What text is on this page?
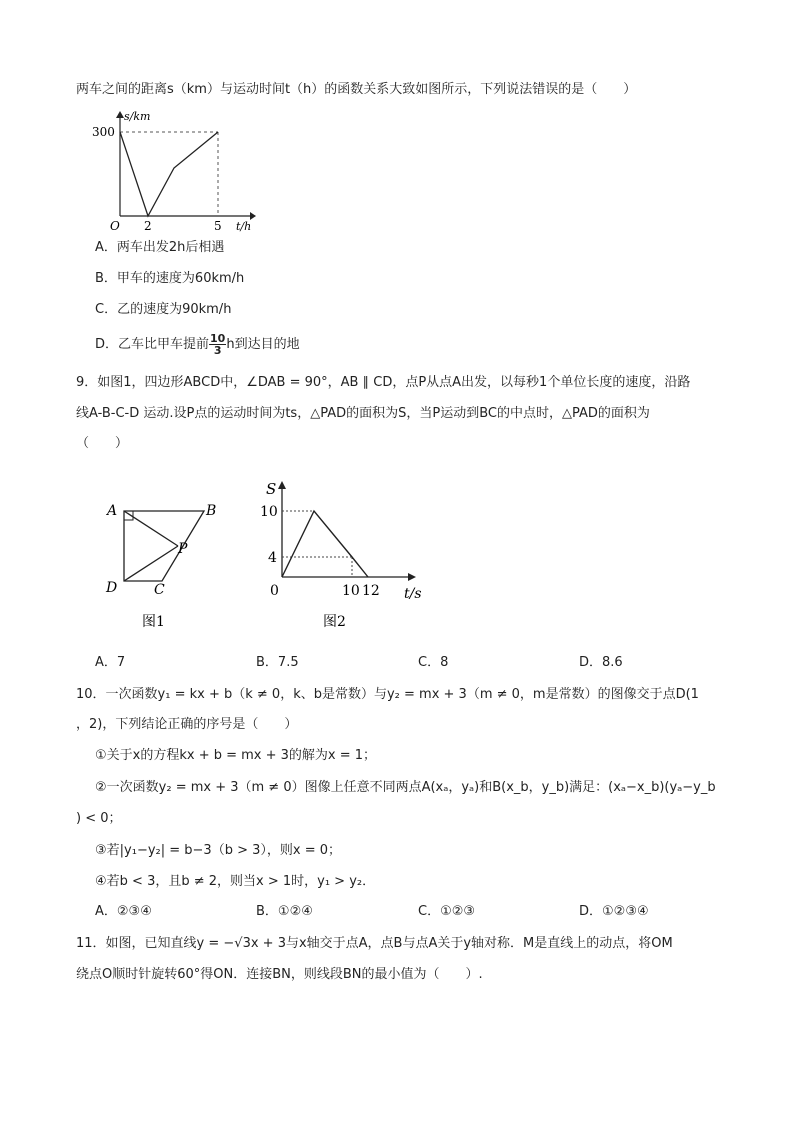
两车之间的距离s（km）与运动时间t（h）的函数关系大致如图所示，下列说法错误的是（　　）
s/km
300
O 2	5 t/h
A．两车出发2h后相遇
B．甲车的速度为60km/h
C．乙的速度为90km/h
D．乙车比甲车提前 $\frac{10}{3}$ h到达目的地
9．如图1，四边形ABCD中，∠DAB = 90°，AB ∥ CD，点P从点A出发，以每秒1个单位长度的速度，沿路
线A-B-C-D 运动.设P点的运动时间为ts，△PAD的面积为S，当P运动到BC的中点时，△PAD的面积为
（　　）
A	B
P
D	C
图1
S
10
4
0	10 12 t/s
图2
A．7	B．7.5	C．8	D．8.6
10．一次函数y₁ = kx + b（k ≠ 0，k、b是常数）与y₂ = mx + 3（m ≠ 0，m是常数）的图像交于点D(1
，2)，下列结论正确的序号是（　　）
①关于x的方程kx + b = mx + 3的解为x = 1；
②一次函数y₂ = mx + 3（m ≠ 0）图像上任意不同两点A(xₐ，yₐ)和B(x_b，y_b)满足：(xₐ−x_b)(yₐ−y_b
) < 0；
③若|y₁−y₂| = b−3（b > 3），则x = 0；
④若b < 3，且b ≠ 2，则当x > 1时，y₁ > y₂．
A．②③④	B．①②④	C．①②③	D．①②③④
11．如图，已知直线y = −√3x + 3与x轴交于点A，点B与点A关于y轴对称．M是直线上的动点，将OM
绕点O顺时针旋转60°得ON．连接BN，则线段BN的最小值为（　　）.
